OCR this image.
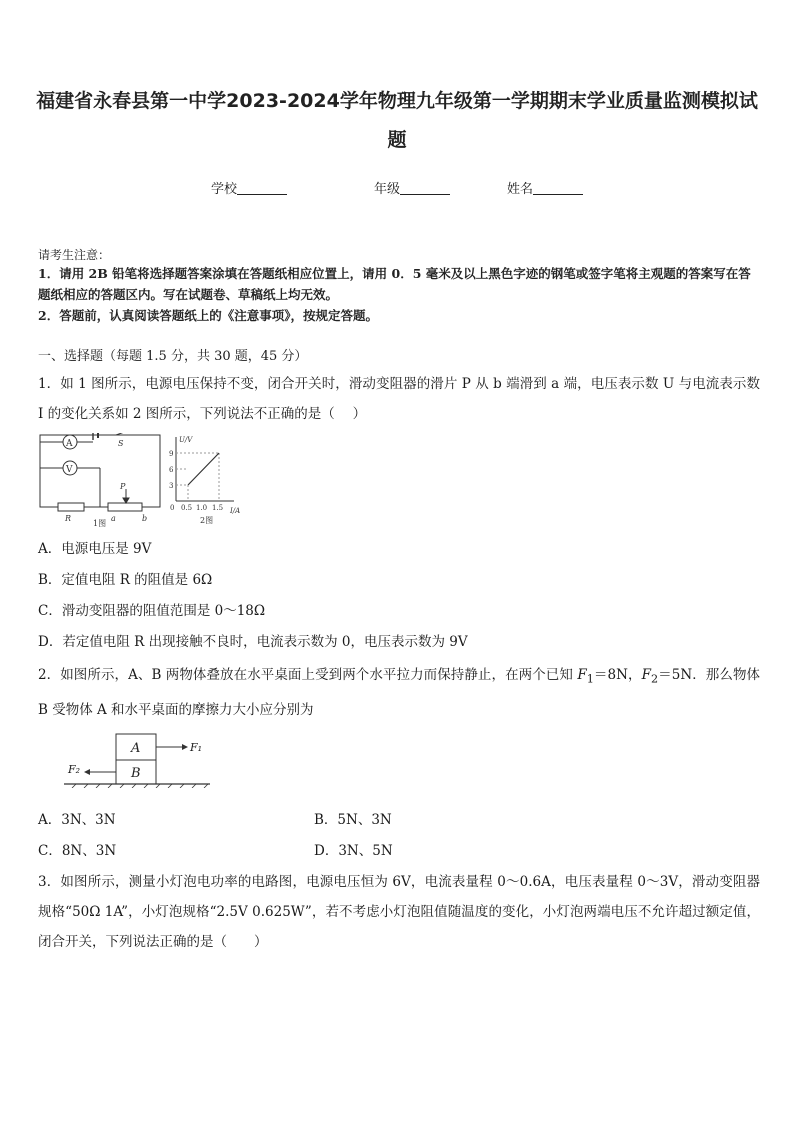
福建省永春县第一中学2023-2024学年物理九年级第一学期期末学业质量监测模拟试
题
学校	年级	姓名
请考生注意：
1．请用 2B 铅笔将选择题答案涂填在答题纸相应位置上，请用 0．5 毫米及以上黑色字迹的钢笔或签字笔将主观题的答案写在答题纸相应的答题区内。写在试题卷、草稿纸上均无效。
2．答题前，认真阅读答题纸上的《注意事项》，按规定答题。
一、选择题（每题 1.5 分，共 30 题，45 分）
1．如 1 图所示，电源电压保持不变，闭合开关时，滑动变阻器的滑片 P 从 b 端滑到 a 端，电压表示数 U 与电流表示数 I 的变化关系如 2 图所示，下列说法不正确的是（　 ）
A
V
S
P
R	a	b
1图
U/V
I/A
9
6
3
0 0.5 1.0 1.5
2图
A．电源电压是 9V
B．定值电阻 R 的阻值是 6Ω
C．滑动变阻器的阻值范围是 0～18Ω
D．若定值电阻 R 出现接触不良时，电流表示数为 0，电压表示数为 9V
2．如图所示，A、B 两物体叠放在水平桌面上受到两个水平拉力而保持静止，在两个已知 $F_1=8N$，$F_2=5N$．那么物体 B 受物体 A 和水平桌面的摩擦力大小应分别为
A
B
F₁
F₂
A．3N、3N	B．5N、3N
C．8N、3N	D．3N、5N
3．如图所示，测量小灯泡电功率的电路图，电源电压恒为 6V，电流表量程 0～0.6A，电压表量程 0～3V，滑动变阻器规格“50Ω 1A”，小灯泡规格“2.5V 0.625W”，若不考虑小灯泡阻值随温度的变化，小灯泡两端电压不允许超过额定值，闭合开关，下列说法正确的是（　　）
